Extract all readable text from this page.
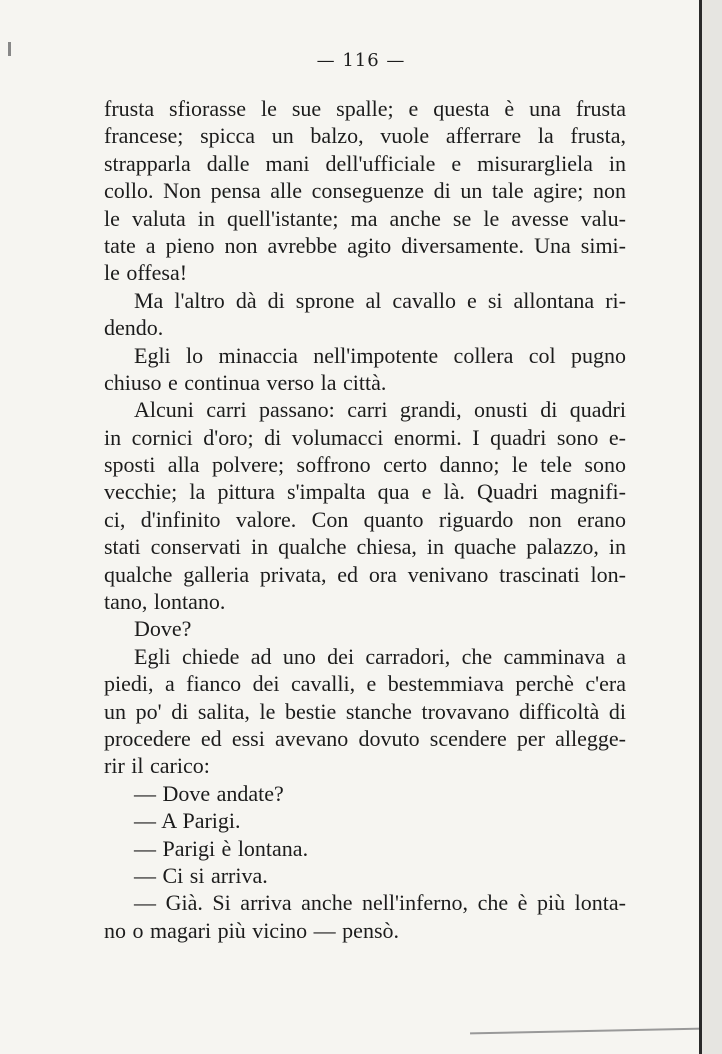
— 116 —
frusta sfiorasse le sue spalle; e questa è una frusta
francese; spicca un balzo, vuole afferrare la frusta,
strapparla dalle mani dell'ufficiale e misurargliela in
collo. Non pensa alle conseguenze di un tale agire; non
le valuta in quell'istante; ma anche se le avesse valu-
tate a pieno non avrebbe agito diversamente. Una simi-
le offesa!
Ma l'altro dà di sprone al cavallo e si allontana ri-
dendo.
Egli lo minaccia nell'impotente collera col pugno
chiuso e continua verso la città.
Alcuni carri passano: carri grandi, onusti di quadri
in cornici d'oro; di volumacci enormi. I quadri sono e-
sposti alla polvere; soffrono certo danno; le tele sono
vecchie; la pittura s'impalta qua e là. Quadri magnifi-
ci, d'infinito valore. Con quanto riguardo non erano
stati conservati in qualche chiesa, in quache palazzo, in
qualche galleria privata, ed ora venivano trascinati lon-
tano, lontano.
Dove?
Egli chiede ad uno dei carradori, che camminava a
piedi, a fianco dei cavalli, e bestemmiava perchè c'era
un po' di salita, le bestie stanche trovavano difficoltà di
procedere ed essi avevano dovuto scendere per allegge-
rir il carico:
— Dove andate?
— A Parigi.
— Parigi è lontana.
— Ci si arriva.
— Già. Si arriva anche nell'inferno, che è più lonta-
no o magari più vicino — pensò.
